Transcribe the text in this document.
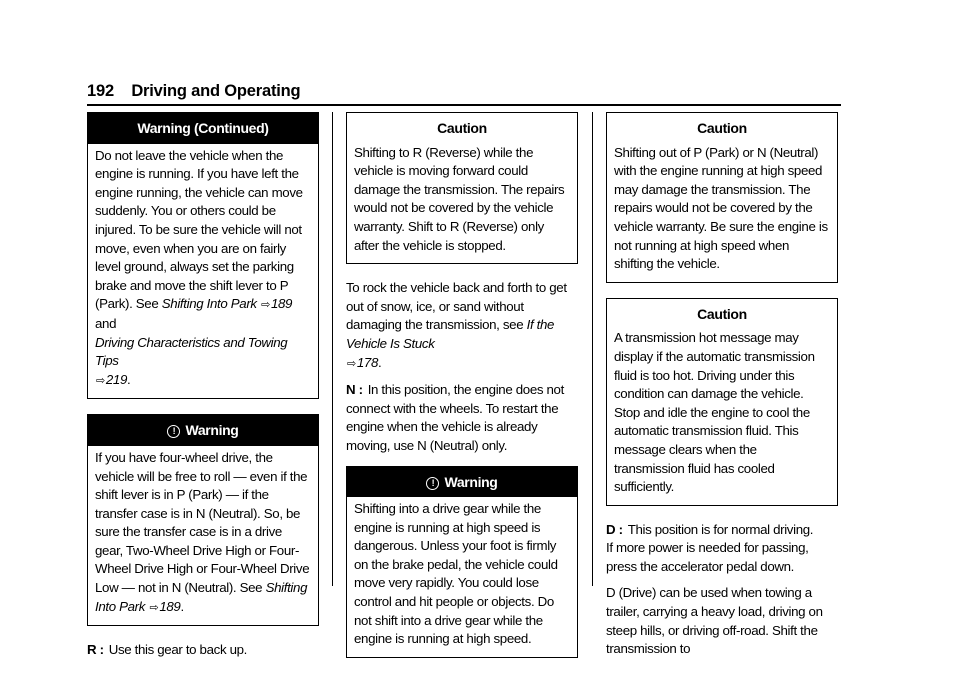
192 Driving and Operating
Warning (Continued)
Do not leave the vehicle when the engine is running. If you have left the engine running, the vehicle can move suddenly. You or others could be injured. To be sure the vehicle will not move, even when you are on fairly level ground, always set the parking brake and move the shift lever to P (Park). See Shifting Into Park ⇨189 and
Driving Characteristics and Towing Tips
⇨219.
! Warning
If you have four-wheel drive, the vehicle will be free to roll — even if the shift lever is in P (Park) — if the transfer case is in N (Neutral). So, be sure the transfer case is in a drive gear, Two-Wheel Drive High or Four-Wheel Drive High or Four-Wheel Drive Low — not in N (Neutral). See Shifting Into Park ⇨189.

R : Use this gear to back up.

Caution
Shifting to R (Reverse) while the vehicle is moving forward could damage the transmission. The repairs would not be covered by the vehicle warranty. Shift to R (Reverse) only after the vehicle is stopped.

To rock the vehicle back and forth to get out of snow, ice, or sand without damaging the transmission, see If the Vehicle Is Stuck
⇨178.

N : In this position, the engine does not connect with the wheels. To restart the engine when the vehicle is already moving, use N (Neutral) only.

! Warning
Shifting into a drive gear while the engine is running at high speed is dangerous. Unless your foot is firmly on the brake pedal, the vehicle could move very rapidly. You could lose control and hit people or objects. Do not shift into a drive gear while the engine is running at high speed.
Caution
Shifting out of P (Park) or N (Neutral) with the engine running at high speed may damage the transmission. The repairs would not be covered by the vehicle warranty. Be sure the engine is not running at high speed when shifting the vehicle.
Caution
A transmission hot message may display if the automatic transmission fluid is too hot. Driving under this condition can damage the vehicle. Stop and idle the engine to cool the automatic transmission fluid. This message clears when the transmission fluid has cooled sufficiently.

D : This position is for normal driving.

If more power is needed for passing, press the accelerator pedal down.

D (Drive) can be used when towing a trailer, carrying a heavy load, driving on steep hills, or driving off-road. Shift the transmission to
